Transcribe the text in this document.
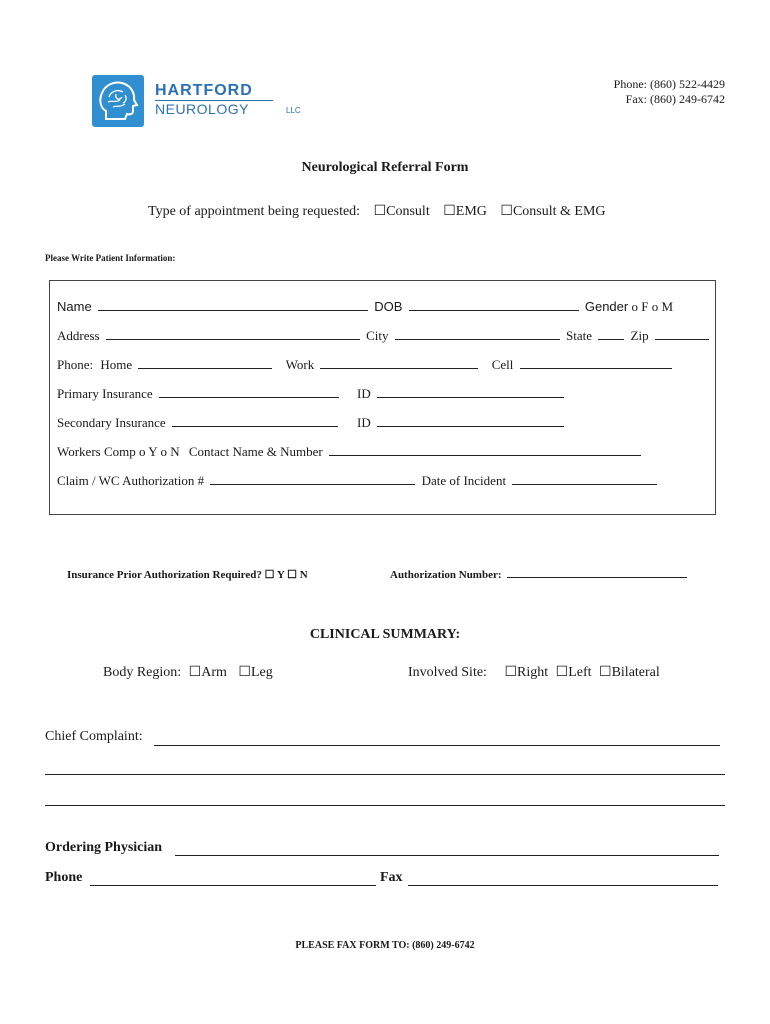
HARTFORD
NEUROLOGY	LLC
Phone: (860) 522-4429
Fax: (860) 249-6742
Neurological Referral Form
Type of appointment being requested: ☐Consult ☐EMG ☐Consult & EMG
Please Write Patient Information:
Name	DOB	Gender o F o M
Address	City	State	Zip
Phone: Home	Work	Cell
Primary Insurance	ID
Secondary Insurance	ID
Workers Comp o Y o N Contact Name & Number
Claim / WC Authorization #	Date of Incident
Insurance Prior Authorization Required? ☐ Y ☐ N	Authorization Number:
CLINICAL SUMMARY:
Body Region: ☐Arm ☐Leg	Involved Site: ☐Right ☐Left ☐Bilateral
Chief Complaint:
Ordering Physician
Phone	Fax
PLEASE FAX FORM TO: (860) 249-6742
